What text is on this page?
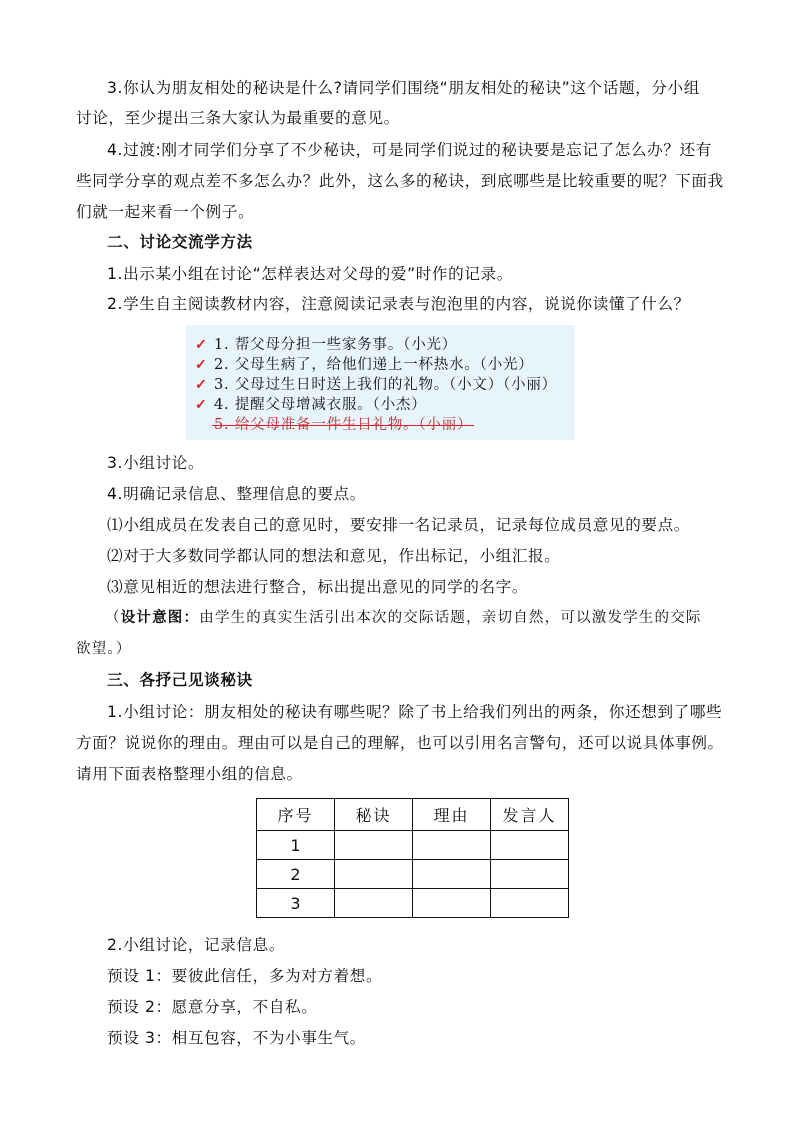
3.你认为朋友相处的秘诀是什么?请同学们围绕“朋友相处的秘诀”这个话题，分小组
讨论，至少提出三条大家认为最重要的意见。
4.过渡:刚才同学们分享了不少秘诀，可是同学们说过的秘诀要是忘记了怎么办？还有
些同学分享的观点差不多怎么办？此外，这么多的秘诀，到底哪些是比较重要的呢？下面我
们就一起来看一个例子。
二、讨论交流学方法
1.出示某小组在讨论“怎样表达对父母的爱”时作的记录。
2.学生自主阅读教材内容，注意阅读记录表与泡泡里的内容，说说你读懂了什么？
✓ 1. 帮父母分担一些家务事。（小光）
✓ 2. 父母生病了，给他们递上一杯热水。（小光）
✓ 3. 父母过生日时送上我们的礼物。（小文）（小丽）
✓ 4. 提醒父母增减衣服。（小杰）
5. 给父母准备一件生日礼物。（小丽）
3.小组讨论。
4.明确记录信息、整理信息的要点。
⑴小组成员在发表自己的意见时，要安排一名记录员，记录每位成员意见的要点。
⑵对于大多数同学都认同的想法和意见，作出标记，小组汇报。
⑶意见相近的想法进行整合，标出提出意见的同学的名字。
（设计意图：由学生的真实生活引出本次的交际话题，亲切自然，可以激发学生的交际
欲望。）
三、各抒己见谈秘诀
1.小组讨论：朋友相处的秘诀有哪些呢？除了书上给我们列出的两条，你还想到了哪些
方面？说说你的理由。理由可以是自己的理解，也可以引用名言警句，还可以说具体事例。
请用下面表格整理小组的信息。
序号	秘诀	理由	发言人
1			
2			
3			
2.小组讨论，记录信息。
预设 1：要彼此信任，多为对方着想。
预设 2：愿意分享，不自私。
预设 3：相互包容，不为小事生气。
